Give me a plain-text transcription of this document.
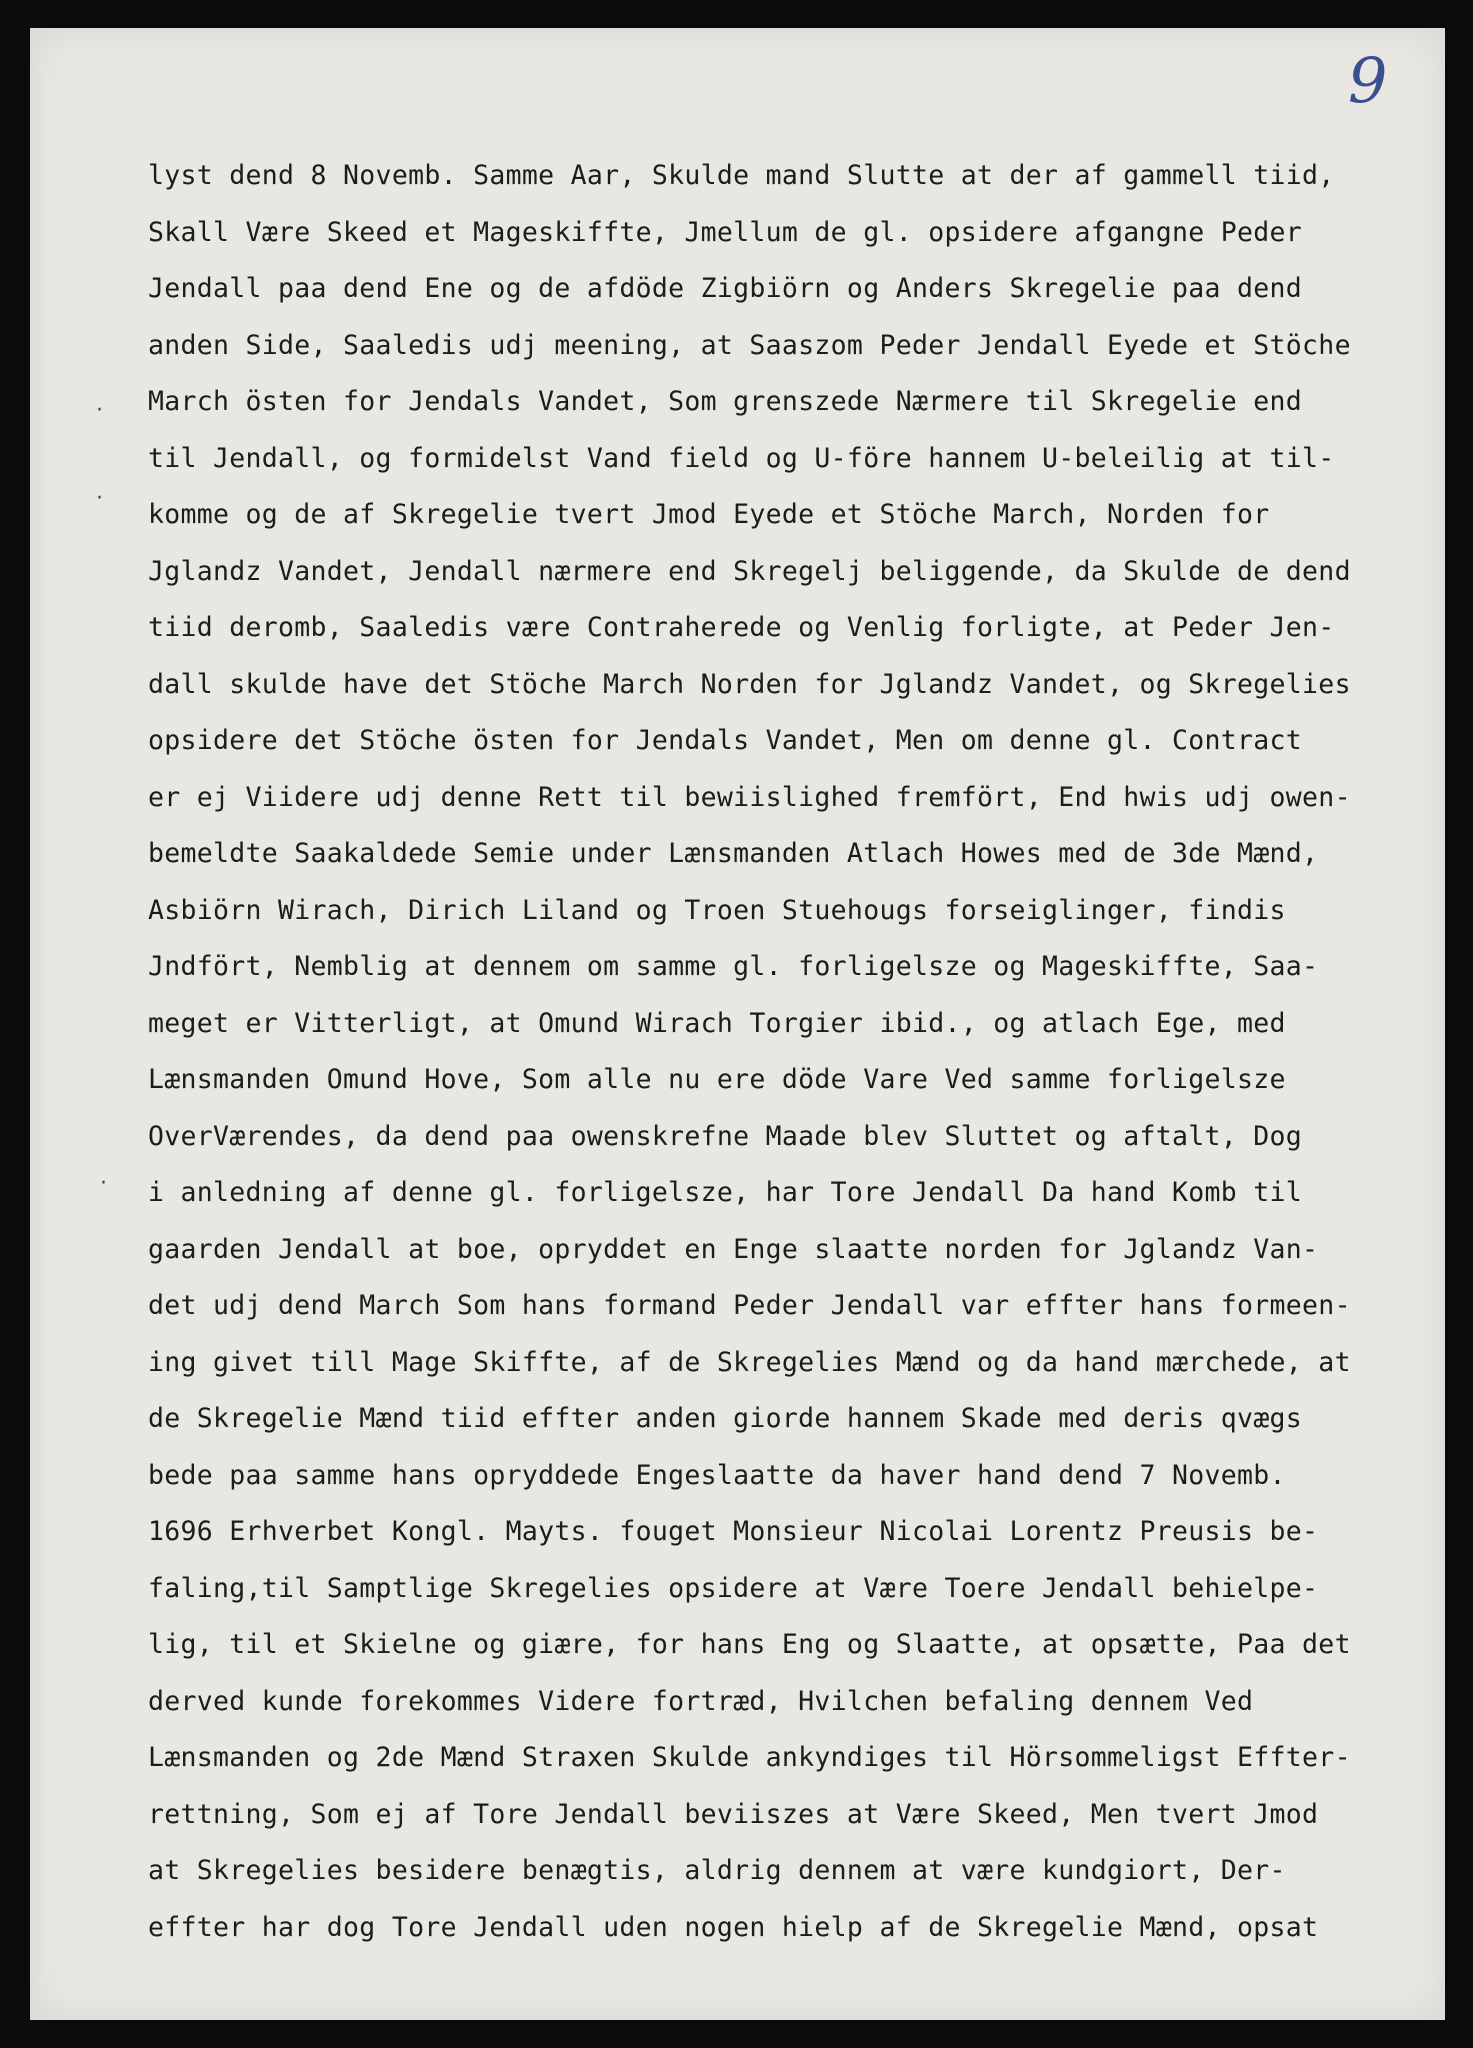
9
·
·
·
lyst dend 8 Novemb. Samme Aar, Skulde mand Slutte at der af gammell tiid,
Skall Være Skeed et Mageskiffte, Jmellum de gl. opsidere afgangne Peder
Jendall paa dend Ene og de afdöde Zigbiörn og Anders Skregelie paa dend
anden Side, Saaledis udj meening, at Saaszom Peder Jendall Eyede et Stöche
March östen for Jendals Vandet, Som grenszede Nærmere til Skregelie end
til Jendall, og formidelst Vand field og U-före hannem U-beleilig at til-
komme og de af Skregelie tvert Jmod Eyede et Stöche March, Norden for
Jglandz Vandet, Jendall nærmere end Skregelj beliggende, da Skulde de dend
tiid deromb, Saaledis være Contraherede og Venlig forligte, at Peder Jen-
dall skulde have det Stöche March Norden for Jglandz Vandet, og Skregelies
opsidere det Stöche östen for Jendals Vandet, Men om denne gl. Contract
er ej Viidere udj denne Rett til bewiislighed fremfört, End hwis udj owen-
bemeldte Saakaldede Semie under Lænsmanden Atlach Howes med de 3de Mænd,
Asbiörn Wirach, Dirich Liland og Troen Stuehougs forseiglinger, findis
Jndfört, Nemblig at dennem om samme gl. forligelsze og Mageskiffte, Saa-
meget er Vitterligt, at Omund Wirach Torgier ibid., og atlach Ege, med
Lænsmanden Omund Hove, Som alle nu ere döde Vare Ved samme forligelsze
OverVærendes, da dend paa owenskrefne Maade blev Sluttet og aftalt, Dog
i anledning af denne gl. forligelsze, har Tore Jendall Da hand Komb til
gaarden Jendall at boe, opryddet en Enge slaatte norden for Jglandz Van-
det udj dend March Som hans formand Peder Jendall var effter hans formeen-
ing givet till Mage Skiffte, af de Skregelies Mænd og da hand mærchede, at
de Skregelie Mænd tiid effter anden giorde hannem Skade med deris qvægs
bede paa samme hans opryddede Engeslaatte da haver hand dend 7 Novemb.
1696 Erhverbet Kongl. Mayts. fouget Monsieur Nicolai Lorentz Preusis be-
faling,til Samptlige Skregelies opsidere at Være Toere Jendall behielpe-
lig, til et Skielne og giære, for hans Eng og Slaatte, at opsætte, Paa det
derved kunde forekommes Videre fortræd, Hvilchen befaling dennem Ved
Lænsmanden og 2de Mænd Straxen Skulde ankyndiges til Hörsommeligst Effter-
rettning, Som ej af Tore Jendall beviiszes at Være Skeed, Men tvert Jmod
at Skregelies besidere benægtis, aldrig dennem at være kundgiort, Der-
effter har dog Tore Jendall uden nogen hielp af de Skregelie Mænd, opsat
